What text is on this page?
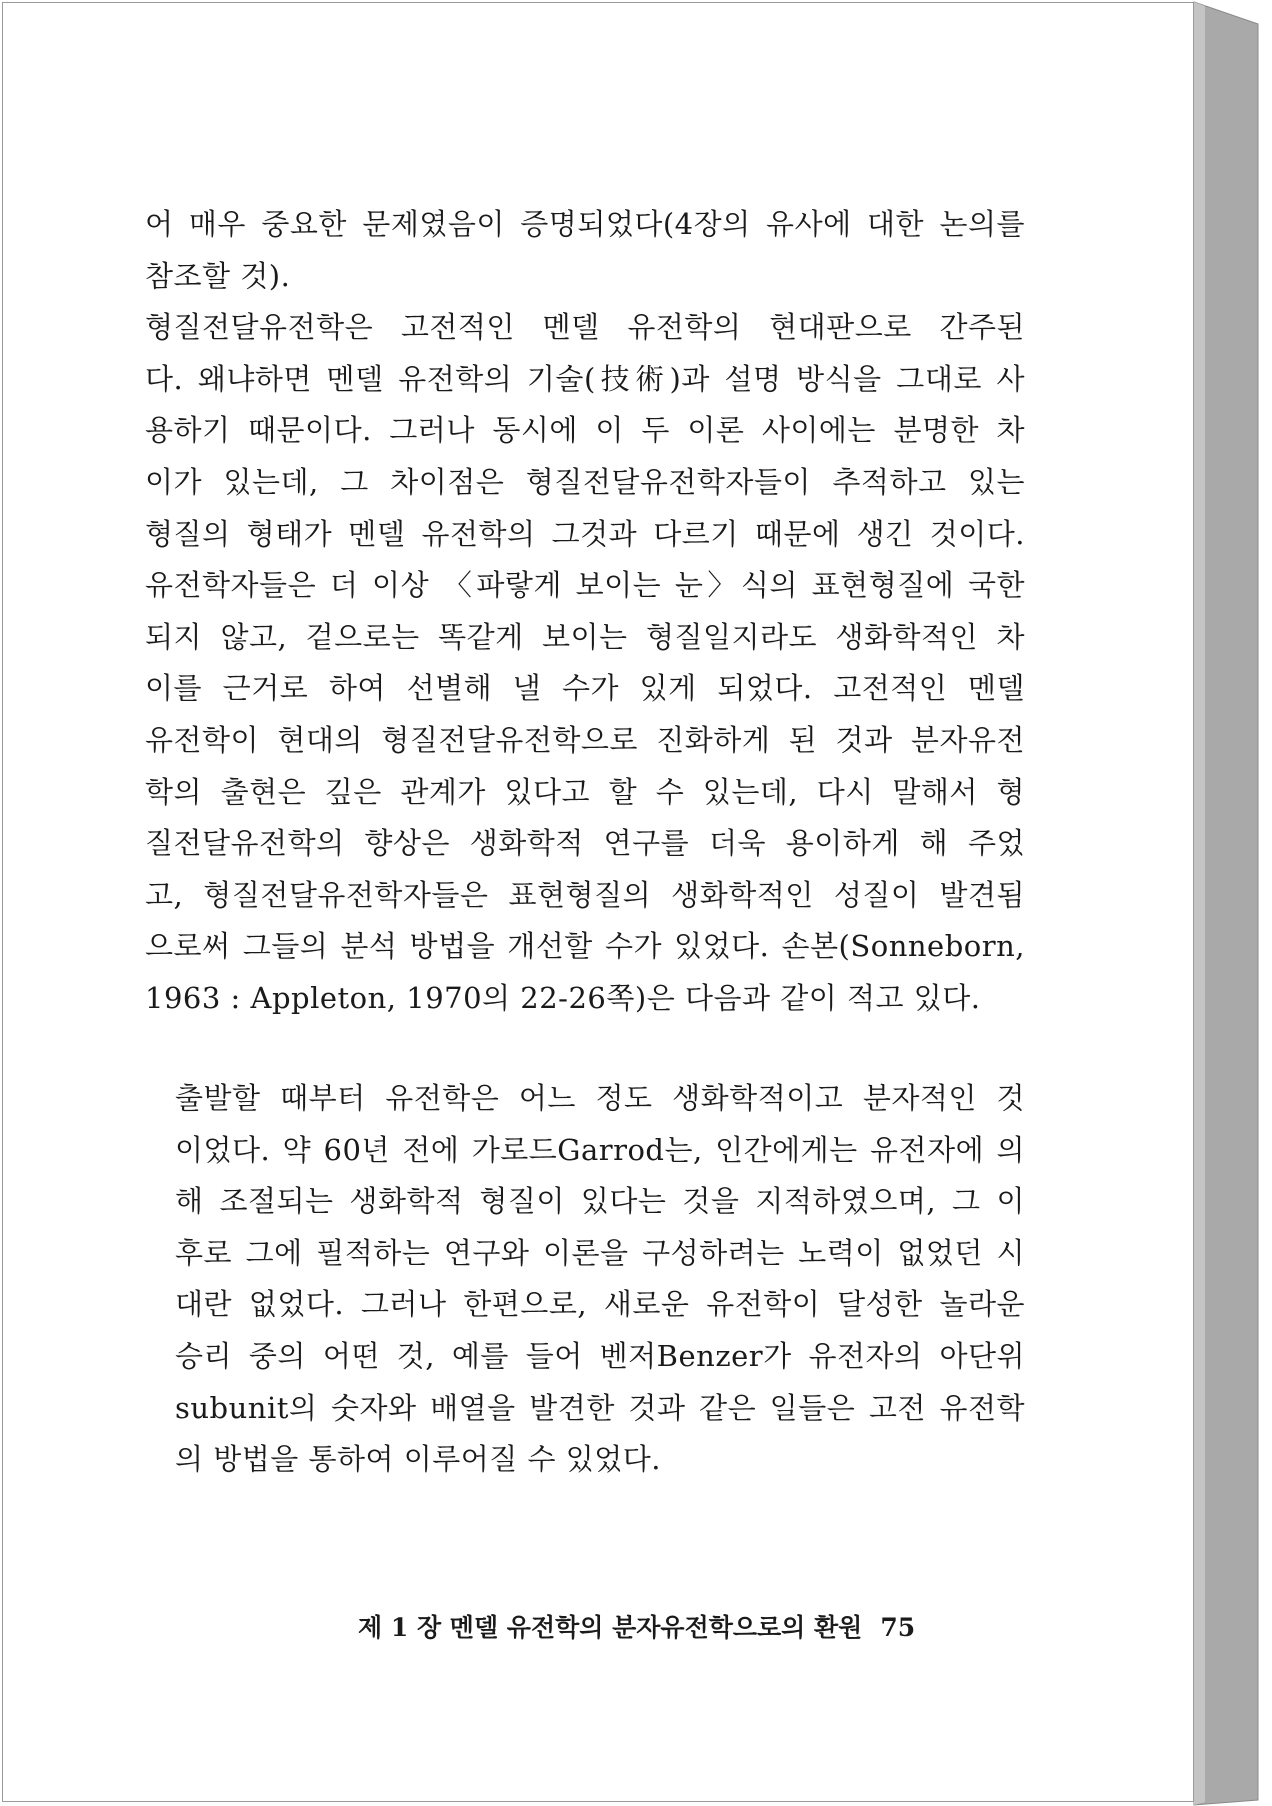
어 매우 중요한 문제였음이 증명되었다(4장의 유사에 대한 논의를
참조할 것).
형질전달유전학은 고전적인 멘델 유전학의 현대판으로 간주된
다. 왜냐하면 멘델 유전학의 기술(技術)과 설명 방식을 그대로 사
용하기 때문이다. 그러나 동시에 이 두 이론 사이에는 분명한 차
이가 있는데, 그 차이점은 형질전달유전학자들이 추적하고 있는
형질의 형태가 멘델 유전학의 그것과 다르기 때문에 생긴 것이다.
유전학자들은 더 이상 〈파랗게 보이는 눈〉식의 표현형질에 국한
되지 않고, 겉으로는 똑같게 보이는 형질일지라도 생화학적인 차
이를 근거로 하여 선별해 낼 수가 있게 되었다. 고전적인 멘델
유전학이 현대의 형질전달유전학으로 진화하게 된 것과 분자유전
학의 출현은 깊은 관계가 있다고 할 수 있는데, 다시 말해서 형
질전달유전학의 향상은 생화학적 연구를 더욱 용이하게 해 주었
고, 형질전달유전학자들은 표현형질의 생화학적인 성질이 발견됨
으로써 그들의 분석 방법을 개선할 수가 있었다. 손본(Sonneborn,
1963 : Appleton, 1970의 22-26쪽)은 다음과 같이 적고 있다.
출발할 때부터 유전학은 어느 정도 생화학적이고 분자적인 것
이었다. 약 60년 전에 가로드Garrod는, 인간에게는 유전자에 의
해 조절되는 생화학적 형질이 있다는 것을 지적하였으며, 그 이
후로 그에 필적하는 연구와 이론을 구성하려는 노력이 없었던 시
대란 없었다. 그러나 한편으로, 새로운 유전학이 달성한 놀라운
승리 중의 어떤 것, 예를 들어 벤저Benzer가 유전자의 아단위
subunit의 숫자와 배열을 발견한 것과 같은 일들은 고전 유전학
의 방법을 통하여 이루어질 수 있었다.
제 1 장 멘델 유전학의 분자유전학으로의 환원 75
